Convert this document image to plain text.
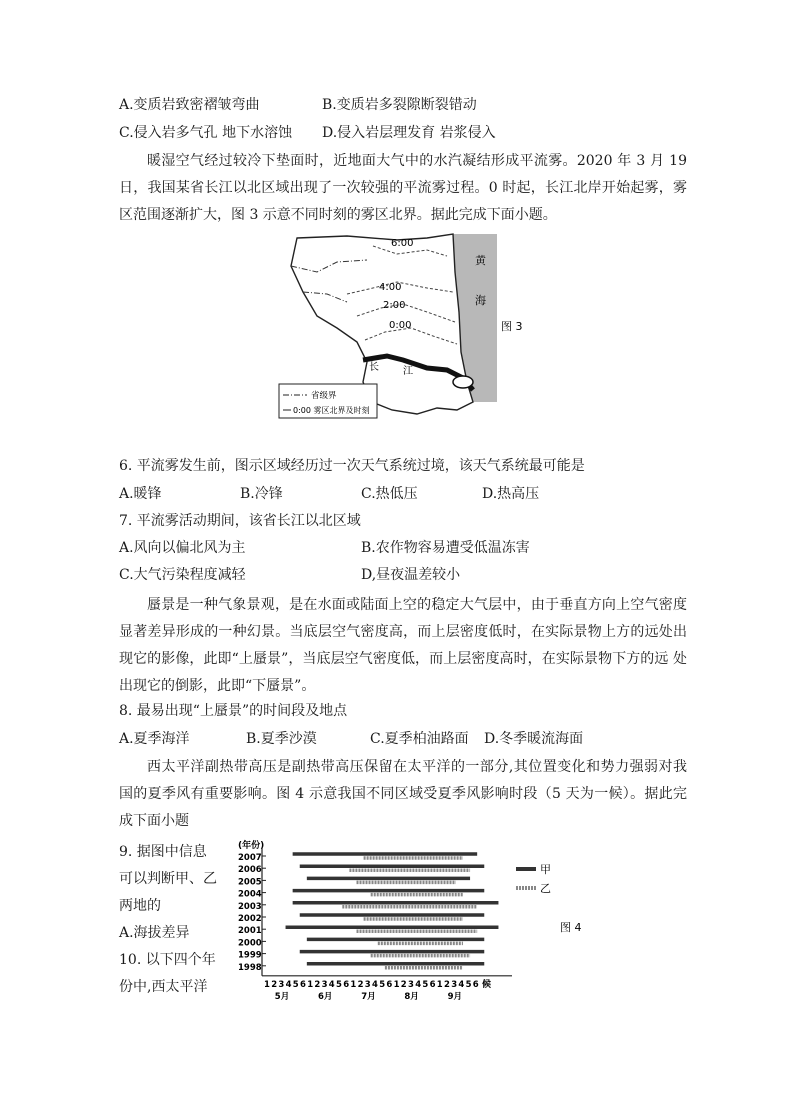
A.变质岩致密褶皱弯曲	B.变质岩多裂隙断裂错动
C.侵入岩多气孔 地下水溶蚀 D.侵入岩层理发育 岩浆侵入
暖湿空气经过较冷下垫面时，近地面大气中的水汽凝结形成平流雾。2020 年 3 月 19 日，我国某省长江以北区域出现了一次较强的平流雾过程。0 时起，长江北岸开始起雾，雾区范围逐渐扩大，图 3 示意不同时刻的雾区北界。据此完成下面小题。
黄
海
6:00
4:00
2:00
0:00
长 江
图 3
省级界
0:00 雾区北界及时刻
6. 平流雾发生前，图示区域经历过一次天气系统过境，该天气系统最可能是
A.暖锋	B.冷锋	C.热低压	D.热高压
7. 平流雾活动期间，该省长江以北区域
A.风向以偏北风为主	B.农作物容易遭受低温冻害
C.大气污染程度减轻	D,昼夜温差较小
蜃景是一种气象景观，是在水面或陆面上空的稳定大气层中，由于垂直方向上空气密度 显著差异形成的一种幻景。当底层空气密度高，而上层密度低时，在实际景物上方的远处出 现它的影像，此即“上蜃景”，当底层空气密度低，而上层密度高时，在实际景物下方的远 处出现它的倒影，此即“下蜃景”。
8. 最易出现“上蜃景”的时间段及地点
A.夏季海洋	B.夏季沙漠	C.夏季柏油路面 D.冬季暖流海面
西太平洋副热带高压是副热带高压保留在太平洋的一部分,其位置变化和势力强弱对我 国的夏季风有重要影响。图 4 示意我国不同区域受夏季风影响时段（5 天为一候）。据此完成下面小题
9. 据图中信息
可以判断甲、乙
两地的
A.海拔差异
10. 以下四个年
份中,西太平洋
(年份)
2007
2006
2005
2004
2003
2002
2001
2000
1999
1998
1 2 3 4 5 6
5月
1 2 3 4 5 6
6月
1 2 3 4 5 6
7月
1 2 3 4 5 6
8月
1 2 3 4 5 6
9月
候
甲
乙
图 4
